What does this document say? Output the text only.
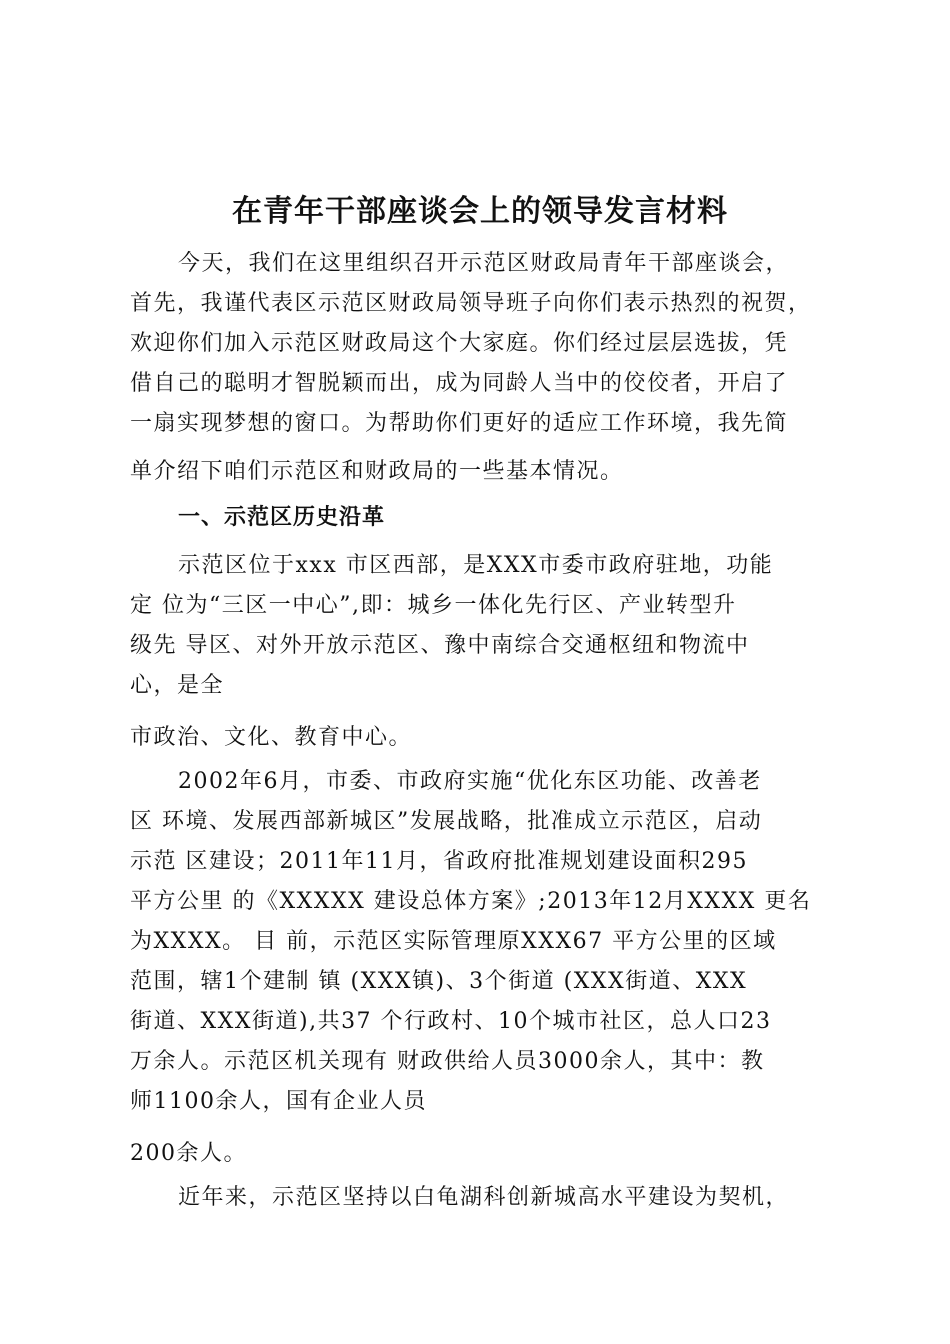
在青年干部座谈会上的领导发言材料
今天，我们在这里组织召开示范区财政局青年干部座谈会，
首先，我谨代表区示范区财政局领导班子向你们表示热烈的祝贺，
欢迎你们加入示范区财政局这个大家庭。你们经过层层选拔，凭
借自己的聪明才智脱颖而出，成为同龄人当中的佼佼者，开启了
一扇实现梦想的窗口。为帮助你们更好的适应工作环境，我先简
单介绍下咱们示范区和财政局的一些基本情况。
一、示范区历史沿革
示范区位于xxx 市区西部，是XXX市委市政府驻地，功能
定 位为“三区一中心”,即：城乡一体化先行区、产业转型升
级先 导区、对外开放示范区、豫中南综合交通枢纽和物流中
心，是全
市政治、文化、教育中心。
2002年6月，市委、市政府实施“优化东区功能、改善老
区 环境、发展西部新城区”发展战略，批准成立示范区，启动
示范 区建设；2011年11月，省政府批准规划建设面积295
平方公里 的《XXXXX 建设总体方案》;2013年12月XXXX 更名
为XXXX。 目 前，示范区实际管理原XXX67 平方公里的区域
范围，辖1个建制 镇 (XXX镇)、3个街道 (XXX街道、XXX
街道、XXX街道),共37 个行政村、10个城市社区，总人口23
万余人。示范区机关现有 财政供给人员3000余人，其中：教
师1100余人，国有企业人员
200余人。
近年来，示范区坚持以白龟湖科创新城高水平建设为契机，
